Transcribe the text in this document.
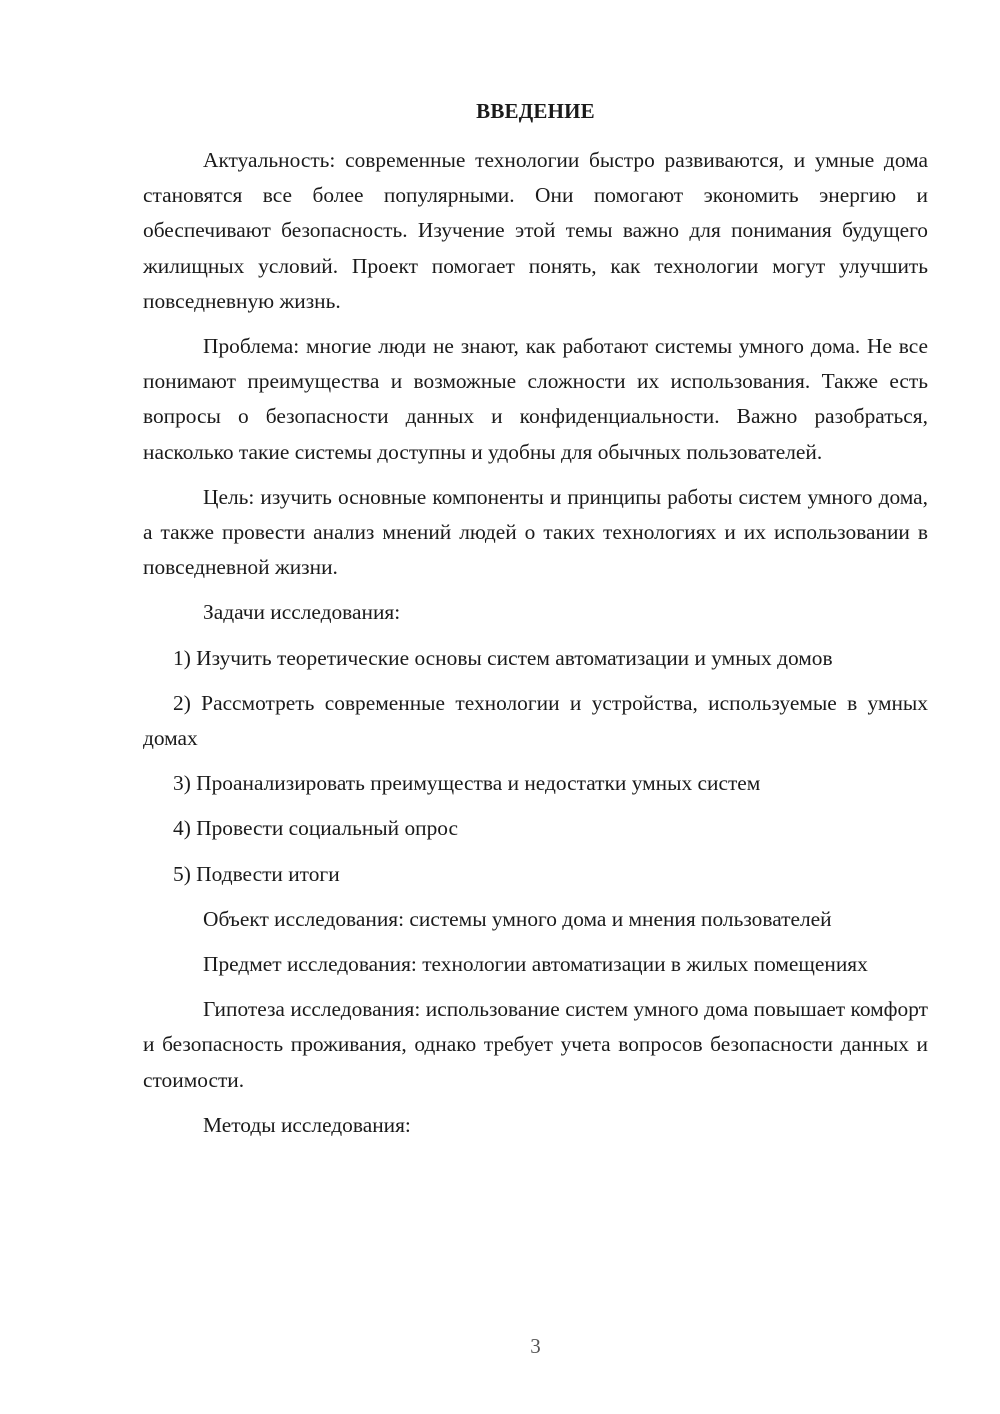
ВВЕДЕНИЕ

Актуальность: современные технологии быстро развиваются, и умные дома становятся все более популярными. Они помогают экономить энергию и обеспечивают безопасность. Изучение этой темы важно для понимания будущего жилищных условий. Проект помогает понять, как технологии могут улучшить повседневную жизнь.

Проблема: многие люди не знают, как работают системы умного дома. Не все понимают преимущества и возможные сложности их использования. Также есть вопросы о безопасности данных и конфиденциальности. Важно разобраться, насколько такие системы доступны и удобны для обычных пользователей.

Цель: изучить основные компоненты и принципы работы систем умного дома, а также провести анализ мнений людей о таких технологиях и их использовании в повседневной жизни.

Задачи исследования:

1) Изучить теоретические основы систем автоматизации и умных домов

2) Рассмотреть современные технологии и устройства, используемые в умных домах

3) Проанализировать преимущества и недостатки умных систем

4) Провести социальный опрос

5) Подвести итоги

Объект исследования: системы умного дома и мнения пользователей

Предмет исследования: технологии автоматизации в жилых помещениях

Гипотеза исследования: использование систем умного дома повышает комфорт и безопасность проживания, однако требует учета вопросов безопасности данных и стоимости.

Методы исследования:

3
